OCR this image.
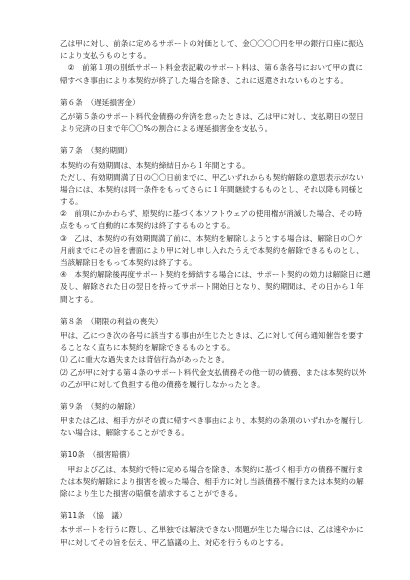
乙は甲に対し、前条に定めるサポートの対価として、金〇〇〇〇円を甲の銀行口座に振込
により支払うものとする。
　②　前第１項の別紙サポート料金表記載のサポート料は、第６条各号において甲の責に
帰すべき事由により本契約が終了した場合を除き、これに返還されないものとする。
第６条　（遅延損害金）
乙が第５条のサポート料代金債務の弁済を怠ったときは、乙は甲に対し、支払期日の翌日
より完済の日まで年〇〇%の割合による遅延損害金を支払う。
第７条　（契約期間）
本契約の有効期間は、本契約締結日から１年間とする。
ただし、有効期間満了日の〇〇日前までに、甲乙いずれからも契約解除の意思表示がない
場合には、本契約は同一条件をもってさらに１年間継続するものとし、それ以降も同様と
する。
②　前項にかかわらず、原契約に基づく本ソフトウェアの使用権が消滅した場合、その時
点をもって自動的に本契約は終了するものとする。
③　乙は、本契約の有効期間満了前に、本契約を解除しようとする場合は、解除日の〇ケ
月前までにその旨を書面により甲に対し申し入れたうえで本契約を解除できるものとし、
当該解除日をもって本契約は終了する。
④　本契約解除後再度サポート契約を締結する場合には、サポート契約の効力は解除日に遡
及し、解除された日の翌日を持ってサポート開始日となり、契約期間は、その日から１年
間とする。
第８条　（期限の利益の喪失）
甲は、乙につき次の各号に該当する事由が生じたときは、乙に対して何ら通知催告を要す
ることなく直ちに本契約を解除できるものとする。
⑴ 乙に重大な過失または背信行為があったとき。
⑵ 乙が甲に対する第４条のサポート料代金支払債務その他一切の債務、または本契約以外
の乙が甲に対して負担する他の債務を履行しなかったとき。
第９条　（契約の解除）
甲または乙は、相手方がその責に帰すべき事由により、本契約の条項のいずれかを履行し
ない場合は、解除することができる。
第10条　（損害賠償）
　甲および乙は、本契約で特に定める場合を除き、本契約に基づく相手方の債務不履行ま
たは本契約解除により損害を被った場合、相手方に対し当該債務不履行または本契約の解
除により生じた損害の賠償を請求することができる。
第11条　（協　議）
本サポートを行うに際し、乙単独では解決できない問題が生じた場合には、乙は速やかに
甲に対してその旨を伝え、甲乙協議の上、対応を行うものとする。
